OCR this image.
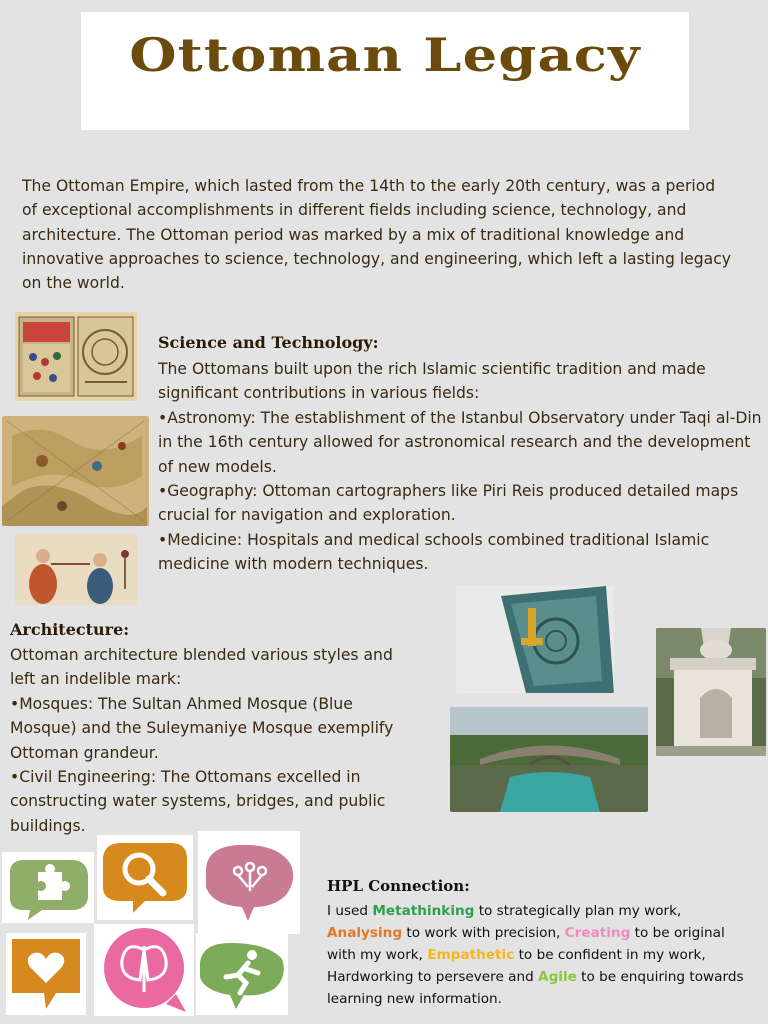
Ottoman Legacy
The Ottoman Empire, which lasted from the 14th to the early 20th century, was a period of exceptional accomplishments in different fields including science, technology, and architecture. The Ottoman period was marked by a mix of traditional knowledge and innovative approaches to science, technology, and engineering, which left a lasting legacy on the world.
Science and Technology:
The Ottomans built upon the rich Islamic scientific tradition and made significant contributions in various fields:
•Astronomy: The establishment of the Istanbul Observatory under Taqi al-Din in the 16th century allowed for astronomical research and the development of new models.
•Geography: Ottoman cartographers like Piri Reis produced detailed maps crucial for navigation and exploration.
•Medicine: Hospitals and medical schools combined traditional Islamic medicine with modern techniques.
Architecture:
Ottoman architecture blended various styles and left an indelible mark:
•Mosques: The Sultan Ahmed Mosque (Blue Mosque) and the Suleymaniye Mosque exemplify Ottoman grandeur.
•Civil Engineering: The Ottomans excelled in constructing water systems, bridges, and public buildings.
HPL Connection:
I used Metathinking to strategically plan my work, Analysing to work with precision, Creating to be original with my work, Empathetic to be confident in my work, Hardworking to persevere and Agile to be enquiring towards learning new information.
